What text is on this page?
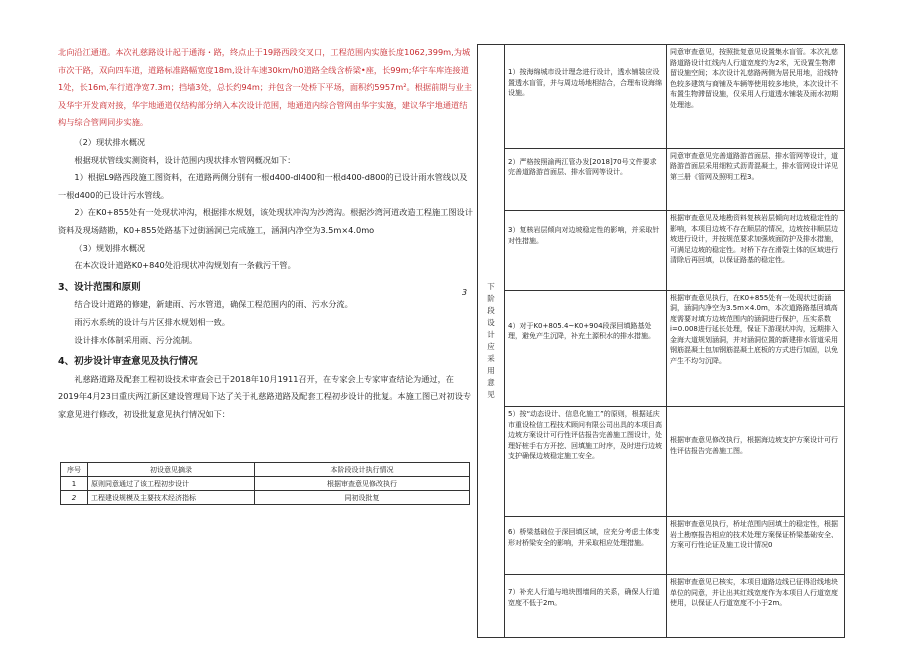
北向沿江通道。本次礼慈路设计起于通海・路，终点止于19路西段交叉口，工程范围内实施长度1062,399m,为城市次干路，双向四车道，道路标准路幅宽度18m,设计车速30km/h0道路全线含桥梁•座，长99m;华宇车库连接道1处，长16m,车行道净宽7.3m；挡墙3处，总长约94m；并包含一处桥下平场，面积约5957m²。根据前期与业主及华宇开发商对接，华宇地通道仅结构部分纳入本次设计范围，地通道内综合管网由华宇实施，建议华宇地通道结构与综合管网同步实施。

（2）现状排水概况

根据现状管线实测资料，设计范围内现状排水管网概况如下：

1）根据L9路西段施工图资料，在道路两侧分别有一根d400-dl400和一根d400-d800的已设计雨水管线以及一根d400的已设计污水管线。

2）在K0+855处有一处现状冲沟，根据排水规划，该处现状冲沟为沙湾沟。根据沙湾河道改造工程施工图设计资料及现场踏勘，K0+855处路基下过街涵洞已完成施工，涵洞内净空为3.5m×4.0mo

（3）规划排水概况

在本次设计道路K0+840处沿现状冲沟规划有一条截污干管。

3、设计范围和原则

结合设计道路的修建，新建雨、污水管道，确保工程范围内的雨、污水分流。

雨污水系统的设计与片区排水规划相一致。

设计排水体制采用雨、污分流制。

4、初步设计审查意见及执行情况

礼慈路道路及配套工程初设技术审查会已于2018年10月1911召开，在专家会上专家审查结论为通过，在2019年4月23日重庆两江新区建设管理局下达了关于礼慈路道路及配套工程初步设计的批复。本施工图已对初设专家意见进行修改，初设批复意见执行情况如下：

序号	初设意见摘录	本阶段设计执行情况
1	原则同意通过了该工程初步设计	根据审查意见修改执行
2	工程建设规模及主要技术经济指标	同初设批复
3
下阶段设计应采用意见	1）按海绵城市设计理念进行设计，透水铺装应设置透水盲管，并与周边场地相结合，合理布设海绵设施。	同意审查意见，按照批复意见设置集水盲管。本次礼慈路道路设计红线内人行道宽度约为2米，无设置生物滞留设施空间；本次设计礼慈路两侧为居民用地，沿线特色较多建筑与商铺及车辆等使用较多地块，本次设计不布置生物滞留设施，仅采用人行道透水铺装及雨水初期处理池。
	2）严格按照渝两江管办发[2018]70号文件要求完善道路游首面层、排水管网等设计。	同意审查意见完善道路游首面层、排水管网等设计，道路游首面层采用细粒式沥青混凝土，排水管网设计详见第三册《管网及照明工程3。
	3）复核岩层倾向对边坡稳定性的影响，并采取针对性措施。	根据审查意见及地勘资料复核岩层倾向对边坡稳定性的影响，本项目边坡不存在顺层的情况，边坡按非顺层边坡进行设计，并按规范要求加强坡面防护及排水措施，可满足边坡的稳定性。对桥下存在滑裂土体的区域进行清除后再回填，以保证路基的稳定性。
	4）对于K0+805.4~K0+904段深回填路基处理，避免产生沉降，补充土源积水的排水措施。	根据审查意见执行，在K0+855处有一处现状过街涵洞，涵洞内净空为3.5m×4.0m，本次道路路基回填高度需要对填方边坡范围内的涵洞进行保护，压实系数i=0.008进行延长处理，保证下游现状冲沟，远期排入金海大道规划涵洞，并对涵洞位置的新建排水管道采用钢筋混凝土包加钢筋混凝土底板的方式进行加固，以免产生不均匀沉降。
	5）按“动态设计、信息化施工”的原则，根据延庆市重设检信工程技术顾问有限公司出具的本项目高边坡方案设计可行性评估报告完善施工图设计，处理好桩手右方开挖、回填施工时序，及时进行边坡支护确保边坡稳定施工安全。	根据审查意见修改执行，根据海边坡支护方案设计可行性评估报告完善施工图。
	6）桥梁基础位于深回填区域，应充分考虑土体变形对桥梁安全的影响，并采取相应处理措施。	根据审查意见执行，桥址范围内回填土的稳定性，根据岩土勘察报告相应的技术处理方案保证桥梁基础安全、方案可行性论证及施工设计情况0
	7）补充人行道与地块围墙间的关系，确保人行道宽度不低于2m。	根据审查意见已核实，本项目道路边线已征得沿线地块单位的同意，并让出其红线宽度作为本项目人行道宽度使用，以保证人行道宽度不小于2m。
